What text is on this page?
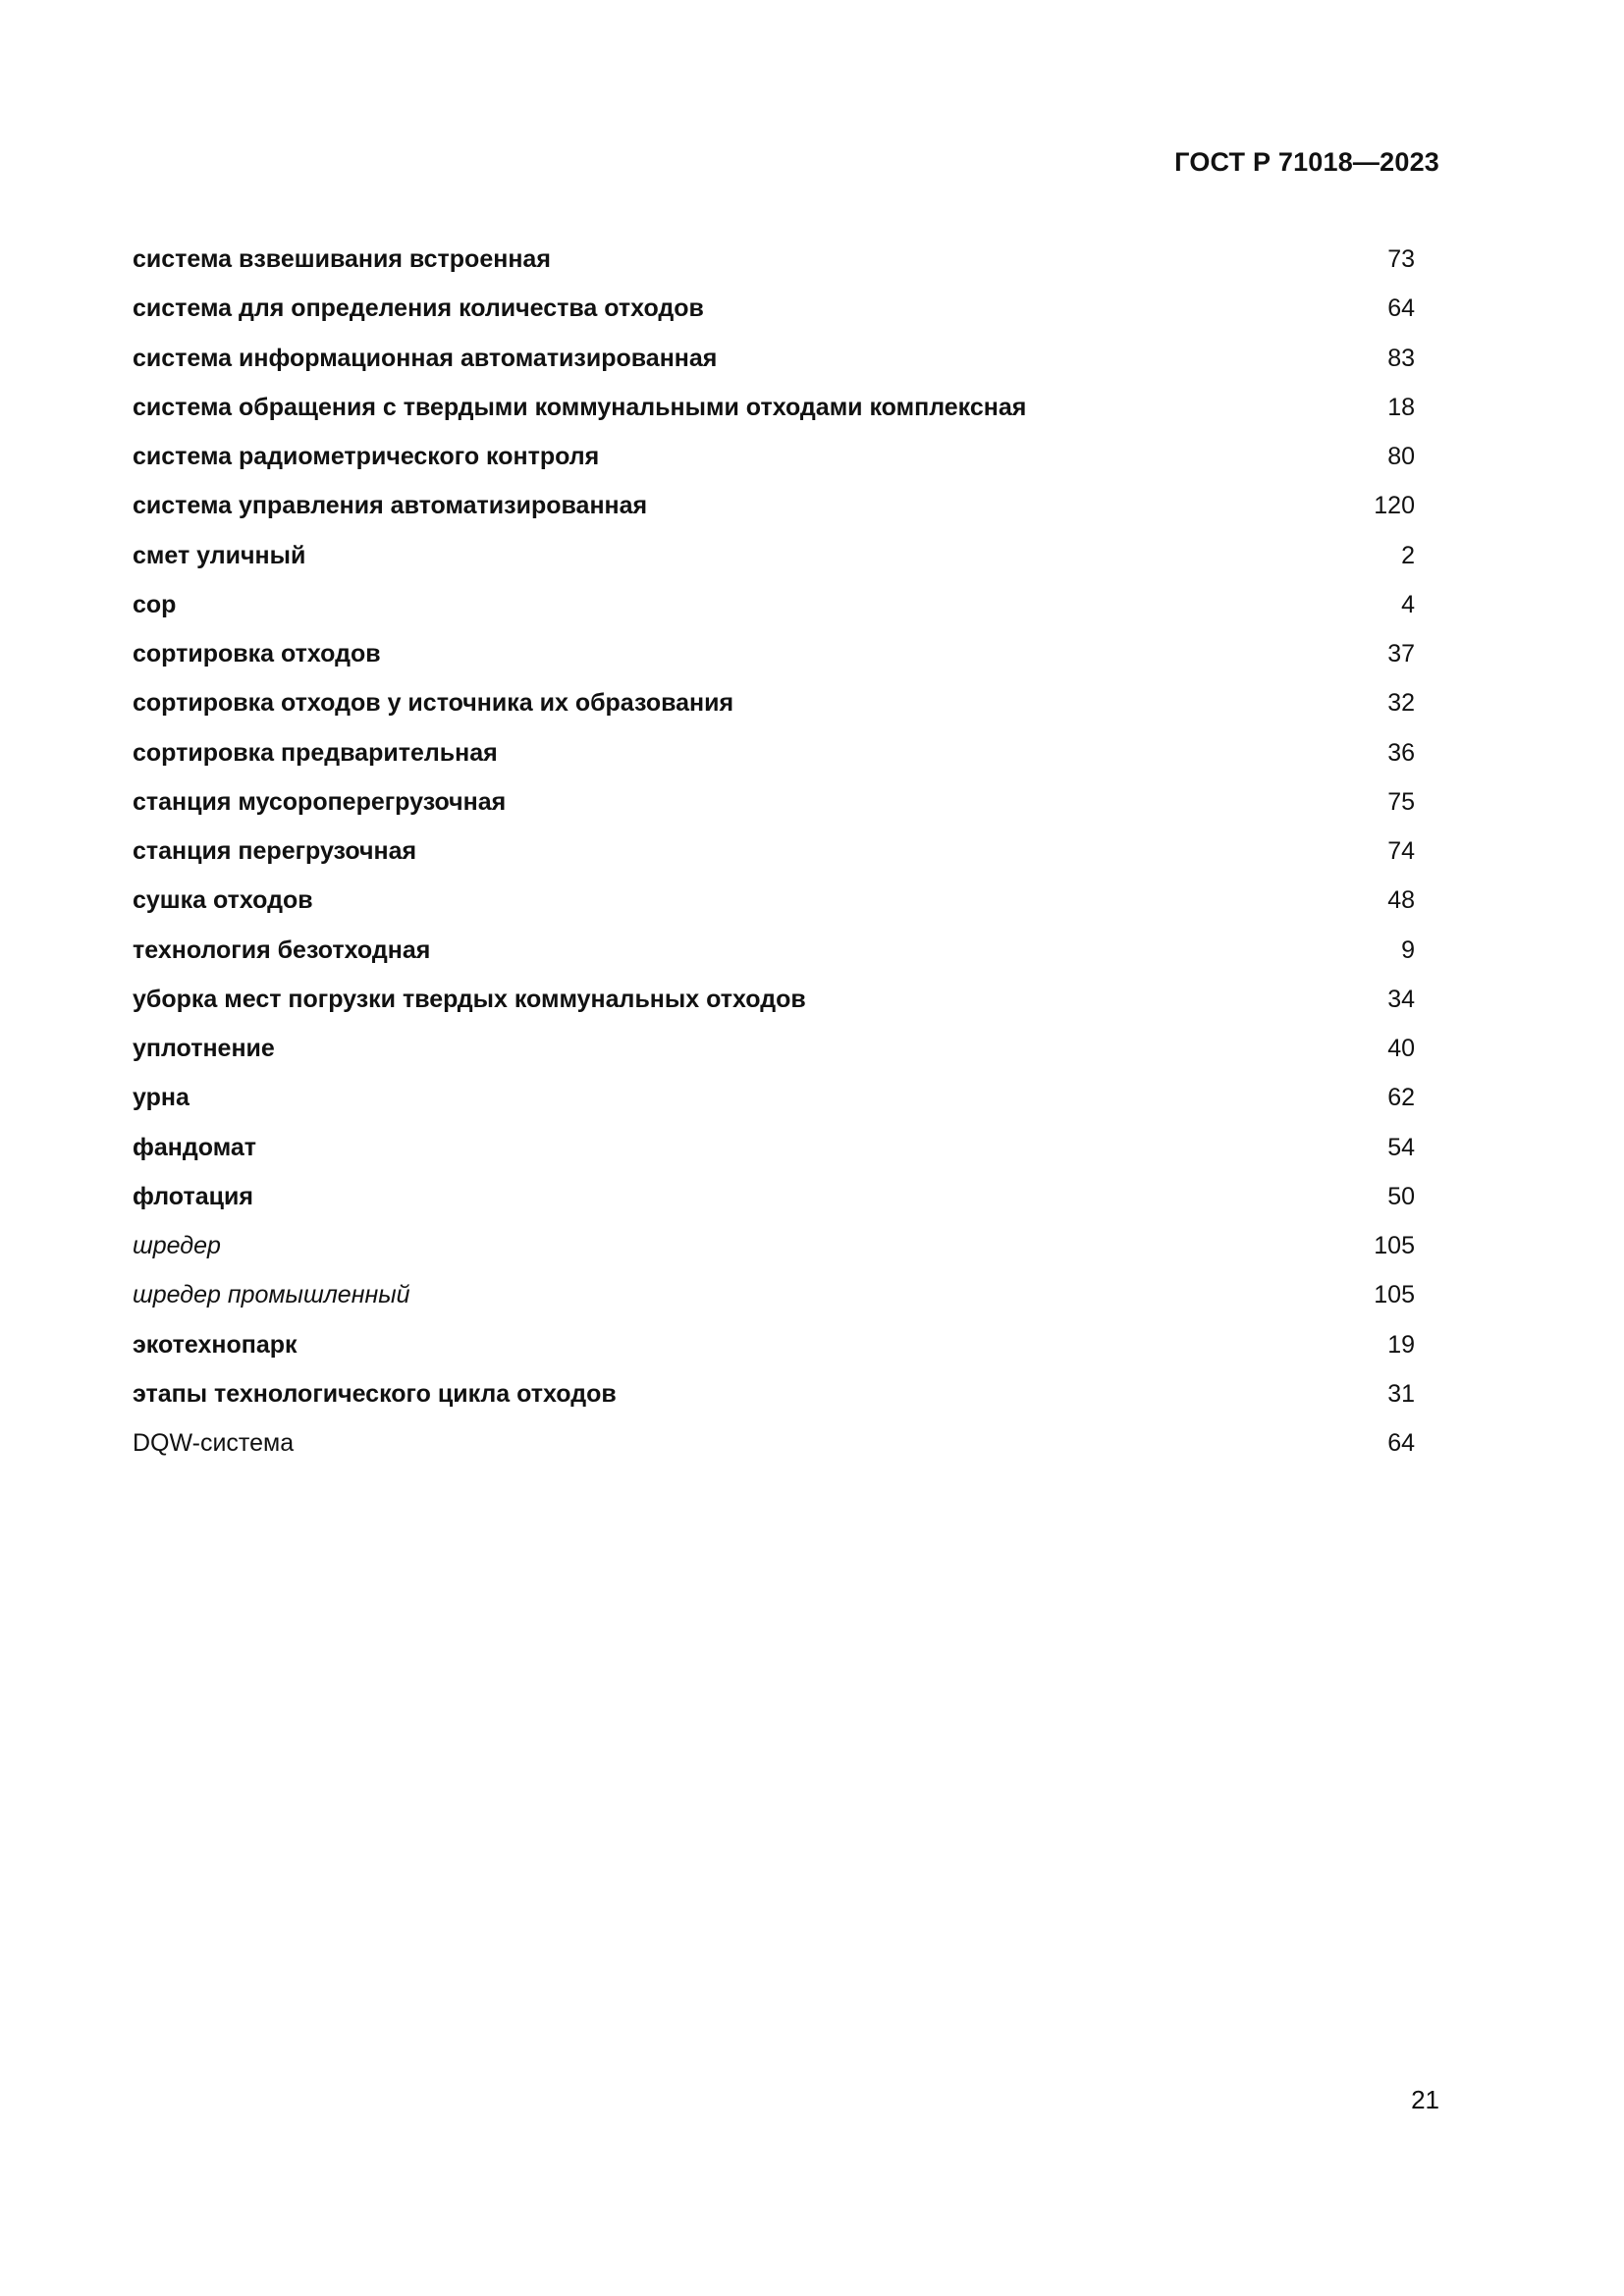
ГОСТ Р 71018—2023
система взвешивания встроенная	73
система для определения количества отходов	64
система информационная автоматизированная	83
система обращения с твердыми коммунальными отходами комплексная	18
система радиометрического контроля	80
система управления автоматизированная	120
смет уличный	2
сор	4
сортировка отходов	37
сортировка отходов у источника их образования	32
сортировка предварительная	36
станция мусороперегрузочная	75
станция перегрузочная	74
сушка отходов	48
технология безотходная	9
уборка мест погрузки твердых коммунальных отходов	34
уплотнение	40
урна	62
фандомат	54
флотация	50
шредер	105
шредер промышленный	105
экотехнопарк	19
этапы технологического цикла отходов	31
DQW-система	64
21
